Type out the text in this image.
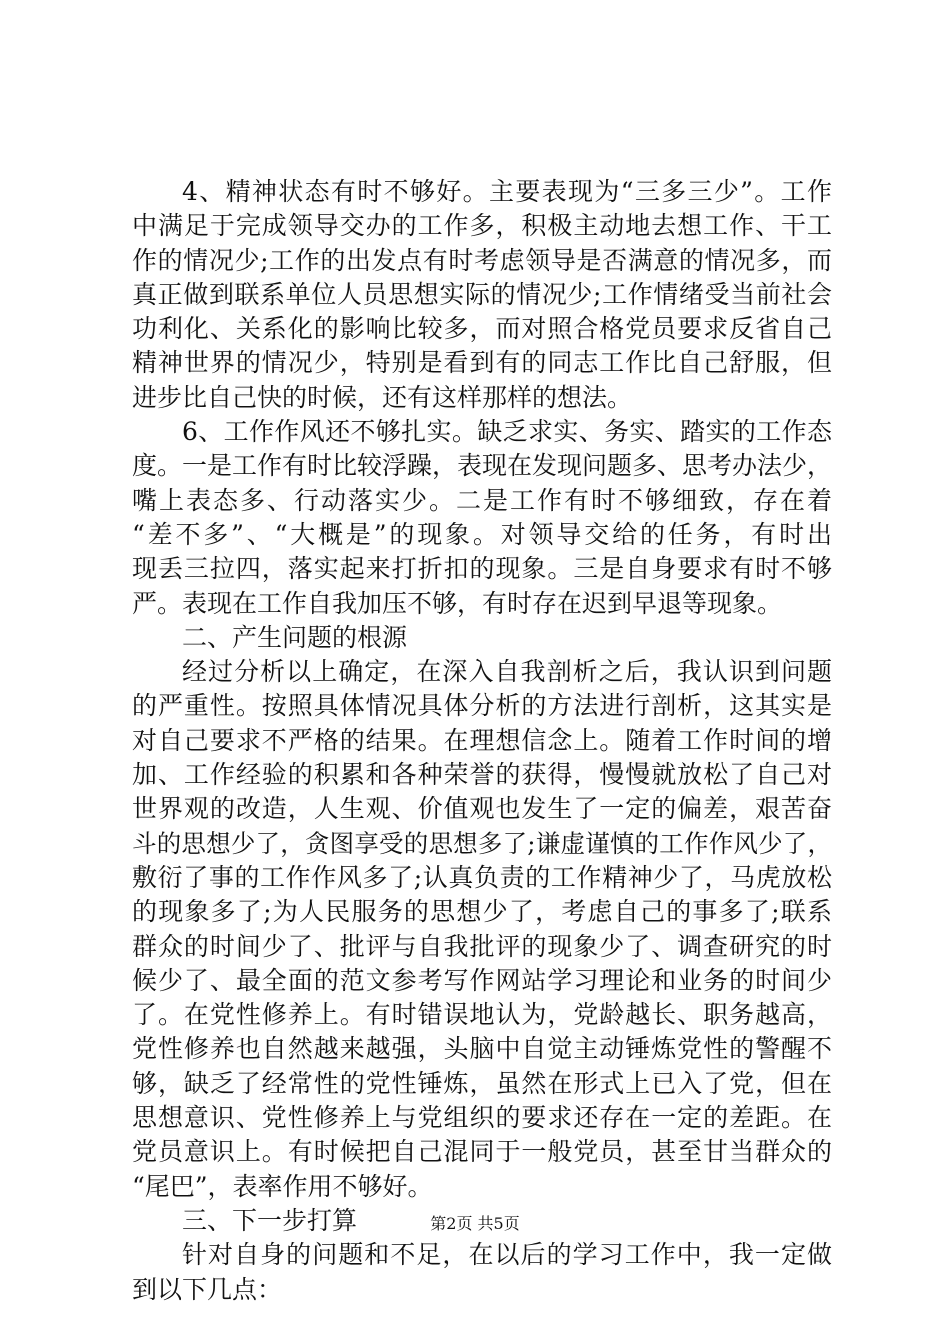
4、精神状态有时不够好。主要表现为“三多三少”。工作
中满足于完成领导交办的工作多，积极主动地去想工作、干工
作的情况少;工作的出发点有时考虑领导是否满意的情况多，而
真正做到联系单位人员思想实际的情况少;工作情绪受当前社会
功利化、关系化的影响比较多，而对照合格党员要求反省自己
精神世界的情况少，特别是看到有的同志工作比自己舒服，但
进步比自己快的时候，还有这样那样的想法。
6、工作作风还不够扎实。缺乏求实、务实、踏实的工作态
度。一是工作有时比较浮躁，表现在发现问题多、思考办法少，
嘴上表态多、行动落实少。二是工作有时不够细致，存在着
“差不多”、“大概是”的现象。对领导交给的任务，有时出
现丢三拉四，落实起来打折扣的现象。三是自身要求有时不够
严。表现在工作自我加压不够，有时存在迟到早退等现象。
二、产生问题的根源
经过分析以上确定，在深入自我剖析之后，我认识到问题
的严重性。按照具体情况具体分析的方法进行剖析，这其实是
对自己要求不严格的结果。在理想信念上。随着工作时间的增
加、工作经验的积累和各种荣誉的获得，慢慢就放松了自己对
世界观的改造，人生观、价值观也发生了一定的偏差，艰苦奋
斗的思想少了，贪图享受的思想多了;谦虚谨慎的工作作风少了，
敷衍了事的工作作风多了;认真负责的工作精神少了，马虎放松
的现象多了;为人民服务的思想少了，考虑自己的事多了;联系
群众的时间少了、批评与自我批评的现象少了、调查研究的时
候少了、最全面的范文参考写作网站学习理论和业务的时间少
了。在党性修养上。有时错误地认为，党龄越长、职务越高，
党性修养也自然越来越强，头脑中自觉主动锤炼党性的警醒不
够，缺乏了经常性的党性锤炼，虽然在形式上已入了党，但在
思想意识、党性修养上与党组织的要求还存在一定的差距。在
党员意识上。有时候把自己混同于一般党员，甚至甘当群众的
“尾巴”，表率作用不够好。
三、下一步打算
针对自身的问题和不足，在以后的学习工作中，我一定做
到以下几点：
第2页 共5页
